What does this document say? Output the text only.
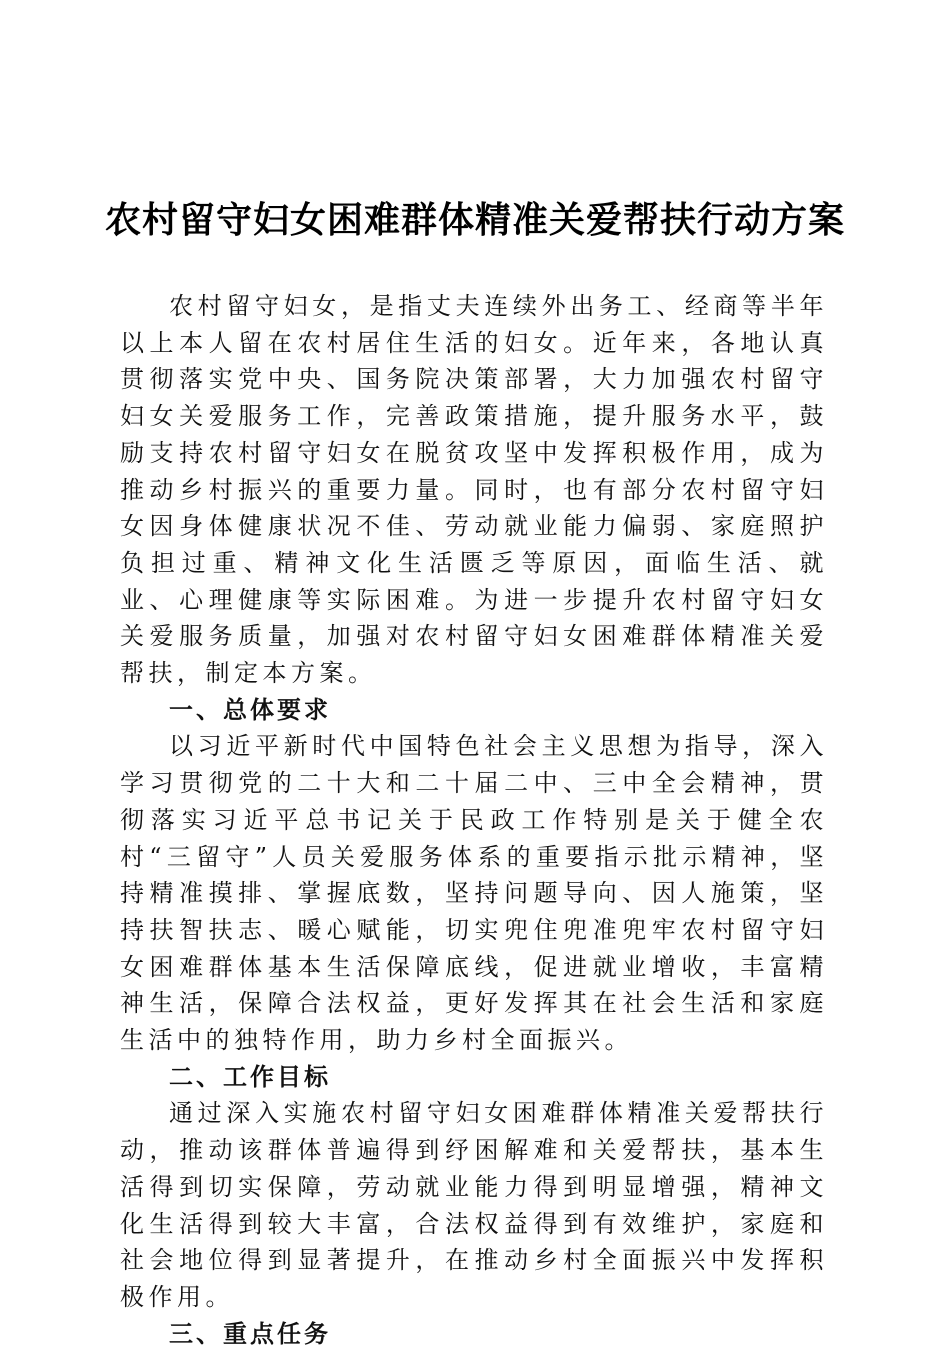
农村留守妇女困难群体精准关爱帮扶行动方案

农村留守妇女，是指丈夫连续外出务工、经商等半年以上本人留在农村居住生活的妇女。近年来，各地认真贯彻落实党中央、国务院决策部署，大力加强农村留守妇女关爱服务工作，完善政策措施，提升服务水平，鼓励支持农村留守妇女在脱贫攻坚中发挥积极作用，成为推动乡村振兴的重要力量。同时，也有部分农村留守妇女因身体健康状况不佳、劳动就业能力偏弱、家庭照护负担过重、精神文化生活匮乏等原因，面临生活、就业、心理健康等实际困难。为进一步提升农村留守妇女关爱服务质量，加强对农村留守妇女困难群体精准关爱帮扶，制定本方案。

一、总体要求

以习近平新时代中国特色社会主义思想为指导，深入学习贯彻党的二十大和二十届二中、三中全会精神，贯彻落实习近平总书记关于民政工作特别是关于健全农村“三留守”人员关爱服务体系的重要指示批示精神，坚持精准摸排、掌握底数，坚持问题导向、因人施策，坚持扶智扶志、暖心赋能，切实兜住兜准兜牢农村留守妇女困难群体基本生活保障底线，促进就业增收，丰富精神生活，保障合法权益，更好发挥其在社会生活和家庭生活中的独特作用，助力乡村全面振兴。

二、工作目标

通过深入实施农村留守妇女困难群体精准关爱帮扶行动，推动该群体普遍得到纾困解难和关爱帮扶，基本生活得到切实保障，劳动就业能力得到明显增强，精神文化生活得到较大丰富，合法权益得到有效维护，家庭和社会地位得到显著提升，在推动乡村全面振兴中发挥积极作用。

三、重点任务
